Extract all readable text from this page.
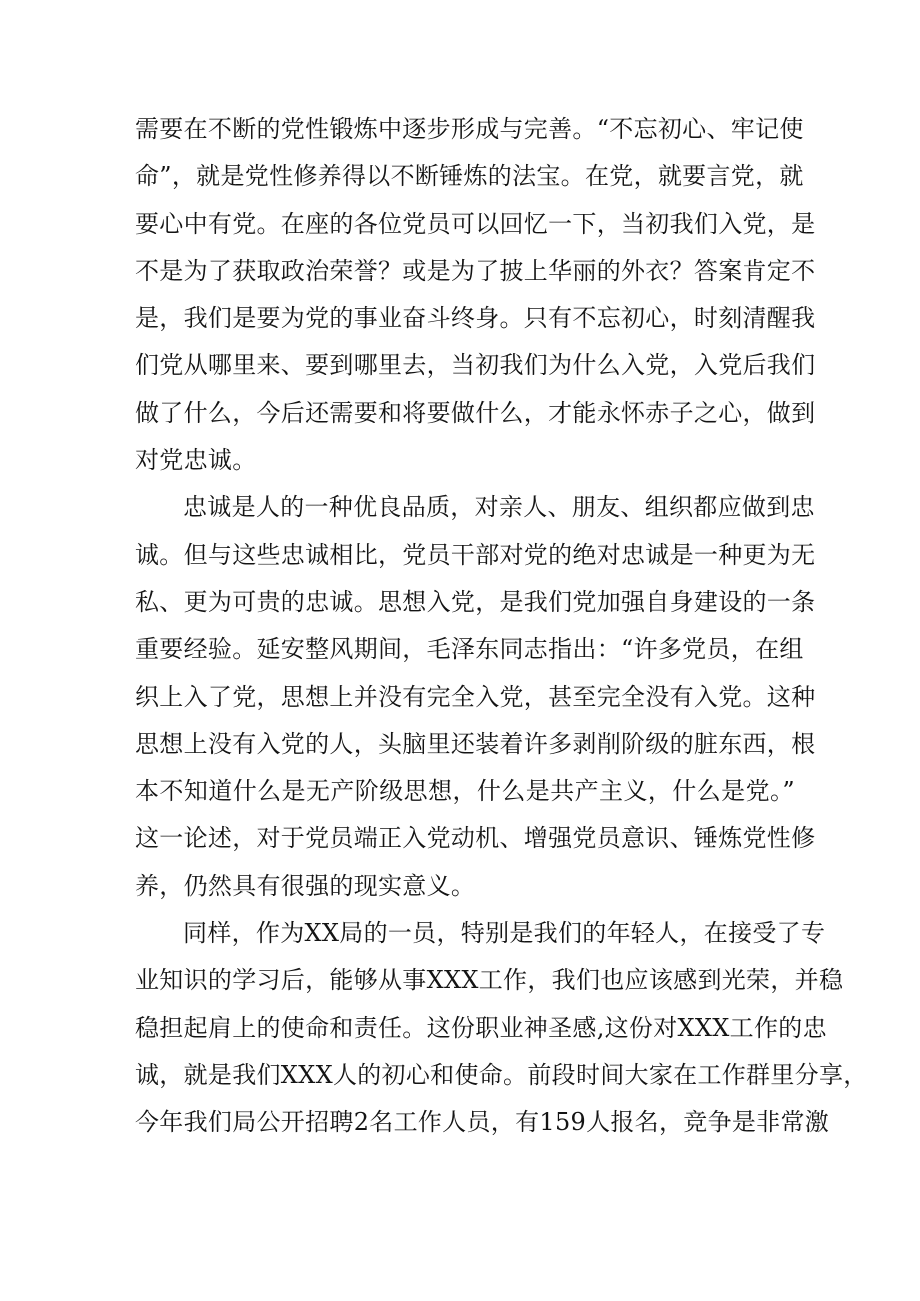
需要在不断的党性锻炼中逐步形成与完善。“不忘初心、牢记使
命”，就是党性修养得以不断锤炼的法宝。在党，就要言党，就
要心中有党。在座的各位党员可以回忆一下，当初我们入党，是
不是为了获取政治荣誉？或是为了披上华丽的外衣？答案肯定不
是，我们是要为党的事业奋斗终身。只有不忘初心，时刻清醒我
们党从哪里来、要到哪里去，当初我们为什么入党，入党后我们
做了什么，今后还需要和将要做什么，才能永怀赤子之心，做到
对党忠诚。
忠诚是人的一种优良品质，对亲人、朋友、组织都应做到忠
诚。但与这些忠诚相比，党员干部对党的绝对忠诚是一种更为无
私、更为可贵的忠诚。思想入党，是我们党加强自身建设的一条
重要经验。延安整风期间，毛泽东同志指出：“许多党员，在组
织上入了党，思想上并没有完全入党，甚至完全没有入党。这种
思想上没有入党的人，头脑里还装着许多剥削阶级的脏东西，根
本不知道什么是无产阶级思想，什么是共产主义，什么是党。”
这一论述，对于党员端正入党动机、增强党员意识、锤炼党性修
养，仍然具有很强的现实意义。
同样，作为XX局的一员，特别是我们的年轻人，在接受了专
业知识的学习后，能够从事XXX工作，我们也应该感到光荣，并稳
稳担起肩上的使命和责任。这份职业神圣感,这份对XXX工作的忠
诚，就是我们XXX人的初心和使命。前段时间大家在工作群里分享，
今年我们局公开招聘2名工作人员，有159人报名，竞争是非常激
